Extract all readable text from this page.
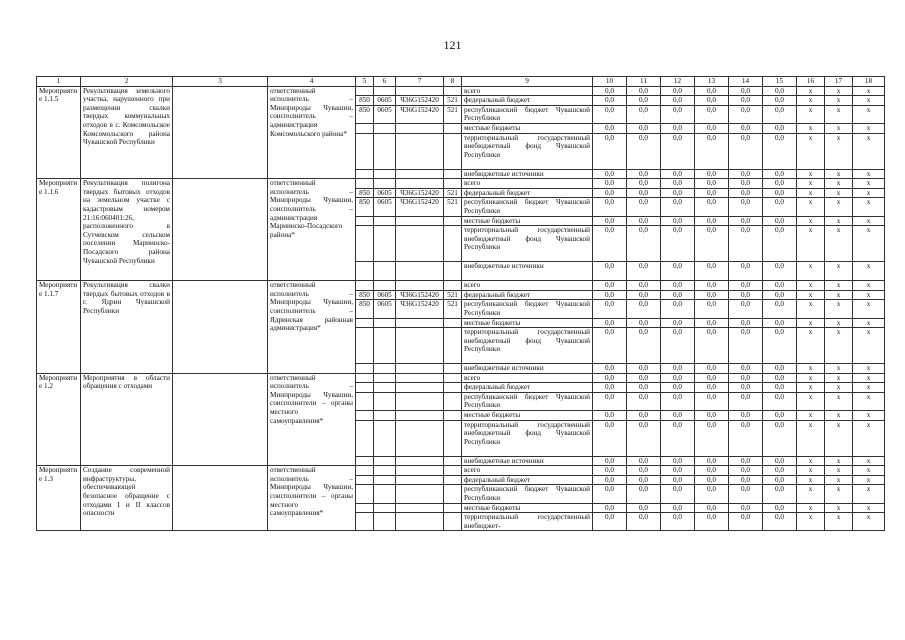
121
1	2	3	4	5	6	7	8	9	10	11	12	13	14	15	16	17	18
Мероприятие 1.1.5	Рекультивация земельного участка, нарушенного при размещении свалки твердых коммунальных отходов в с. Комсомольское Комсомольского района Чувашской Республики		ответственный исполнитель – Минприроды Чувашии, соисполнитель – администрация Комсомольского района*					всего	0,0	0,0	0,0	0,0	0,0	0,0	x	x	x
				850	0605	Ч36G152420	521	федеральный бюджет	0,0	0,0	0,0	0,0	0,0	0,0	x	x	x
				850	0605	Ч36G152420	521	республиканский бюджет Чувашской Республики	0,0	0,0	0,0	0,0	0,0	0,0	x	x	x
								местные бюджеты	0,0	0,0	0,0	0,0	0,0	0,0	x	x	x
								территориальный государственный внебюджетный фонд Чувашской Республики	0,0	0,0	0,0	0,0	0,0	0,0	x	x	x
								внебюджетные источники	0,0	0,0	0,0	0,0	0,0	0,0	x	x	x
Мероприятие 1.1.6	Рекультивация полигона твердых бытовых отходов на земельном участке с кадастровым номером 21:16:060401:26, расположенного в Сутчевском сельском поселении Мариинско-Посадского района Чувашской Республики		ответственный исполнитель – Минприроды Чувашии, соисполнитель – администрация Мариинско-Посадского района*					всего	0,0	0,0	0,0	0,0	0,0	0,0	x	x	x
				850	0605	Ч36G152420	521	федеральный бюджет	0,0	0,0	0,0	0,0	0,0	0,0	x	x	x
				850	0605	Ч36G152420	521	республиканский бюджет Чувашской Республики	0,0	0,0	0,0	0,0	0,0	0,0	x	x	x
								местные бюджеты	0,0	0,0	0,0	0,0	0,0	0,0	x	x	x
								территориальный государственный внебюджетный фонд Чувашской Республики	0,0	0,0	0,0	0,0	0,0	0,0	x	x	x
								внебюджетные источники	0,0	0,0	0,0	0,0	0,0	0,0	x	x	x
Мероприятие 1.1.7	Рекультивация свалки твердых бытовых отходов в г. Ядрин Чувашской Республики		ответственный исполнитель – Минприроды Чувашии, соисполнитель – Ядринская районная администрация*					всего	0,0	0,0	0,0	0,0	0,0	0,0	x	x	x
				850	0605	Ч36G152420	521	федеральный бюджет	0,0	0,0	0,0	0,0	0,0	0,0	x	x	x
				850	0605	Ч36G152420	521	республиканский бюджет Чувашской Республики	0,0	0,0	0,0	0,0	0,0	0,0	x	x	x
								местные бюджеты	0,0	0,0	0,0	0,0	0,0	0,0	x	x	x
								территориальный государственный внебюджетный фонд Чувашской Республики	0,0	0,0	0,0	0,0	0,0	0,0	x	x	x
								внебюджетные источники	0,0	0,0	0,0	0,0	0,0	0,0	x	x	x
Мероприятие 1.2	Мероприятия в области обращения с отходами		ответственный исполнитель – Минприроды Чувашии, соисполнители – органы местного самоуправления*					всего	0,0	0,0	0,0	0,0	0,0	0,0	x	x	x
								федеральный бюджет	0,0	0,0	0,0	0,0	0,0	0,0	x	x	x
								республиканский бюджет Чувашской Республики	0,0	0,0	0,0	0,0	0,0	0,0	x	x	x
								местные бюджеты	0,0	0,0	0,0	0,0	0,0	0,0	x	x	x
								территориальный государственный внебюджетный фонд Чувашской Республики	0,0	0,0	0,0	0,0	0,0	0,0	x	x	x
								внебюджетные источники	0,0	0,0	0,0	0,0	0,0	0,0	x	x	x
Мероприятие 1.3	Создание современной инфраструктуры, обеспечивающей безопасное обращение с отходами I и II классов опасности		ответственный исполнитель – Минприроды Чувашии, соисполнители – органы местного самоуправления*					всего	0,0	0,0	0,0	0,0	0,0	0,0	x	x	x
								федеральный бюджет	0,0	0,0	0,0	0,0	0,0	0,0	x	x	x
								республиканский бюджет Чувашской Республики	0,0	0,0	0,0	0,0	0,0	0,0	x	x	x
								местные бюджеты	0,0	0,0	0,0	0,0	0,0	0,0	x	x	x
								территориальный государственный внебюджет-	0,0	0,0	0,0	0,0	0,0	0,0	x	x	x
